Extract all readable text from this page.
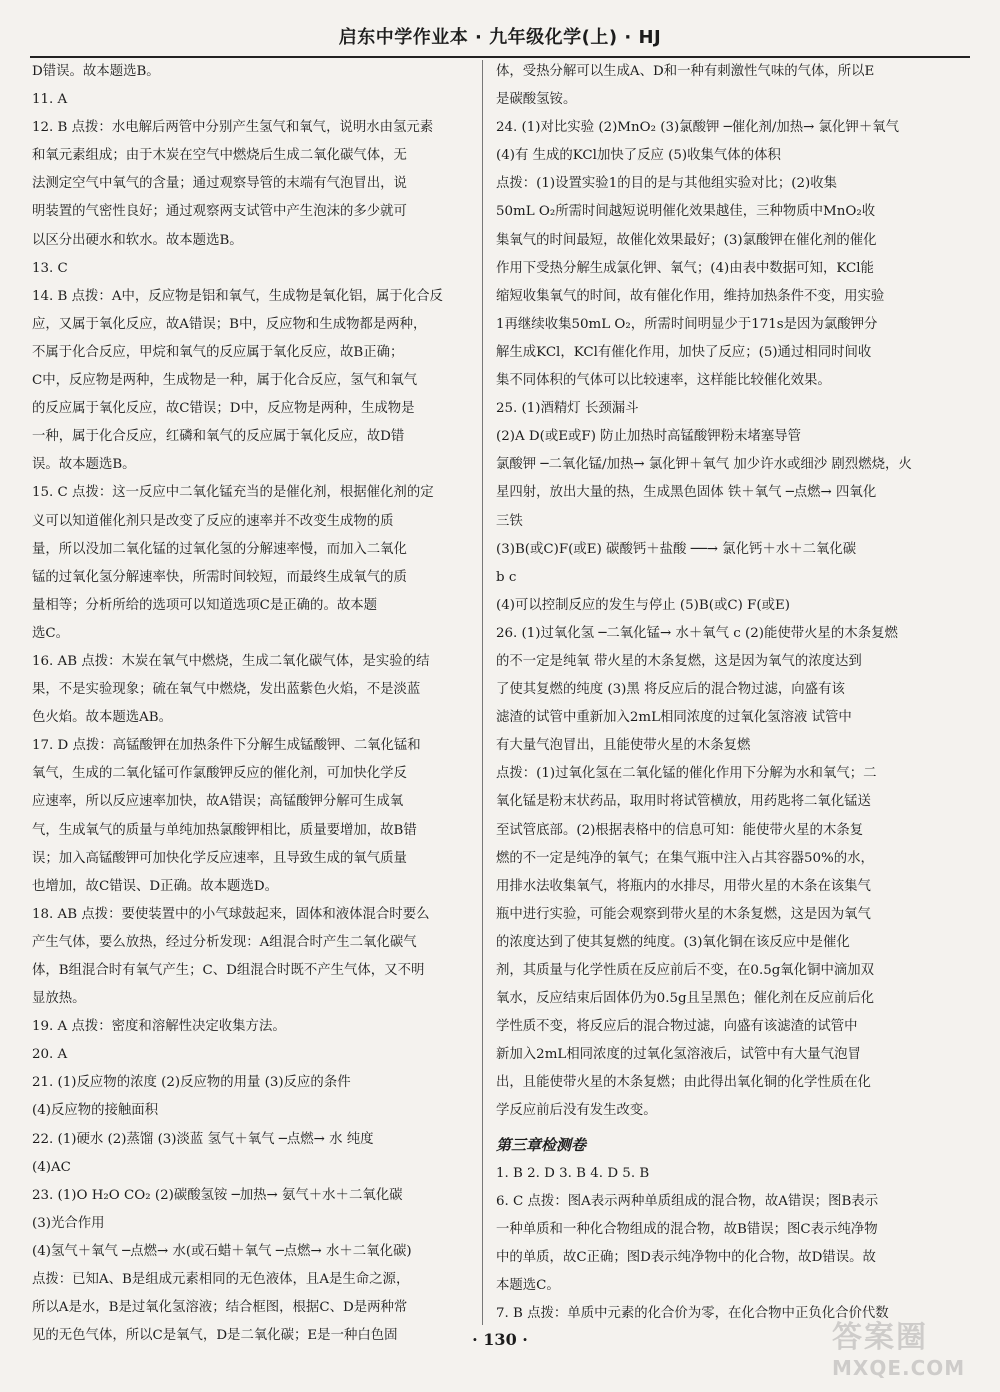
启东中学作业本 · 九年级化学(上) · HJ
D错误。故本题选B。
11. A
12. B 点拨：水电解后两管中分别产生氢气和氧气，说明水由氢元素
和氧元素组成；由于木炭在空气中燃烧后生成二氧化碳气体，无
法测定空气中氧气的含量；通过观察导管的末端有气泡冒出，说
明装置的气密性良好；通过观察两支试管中产生泡沫的多少就可
以区分出硬水和软水。故本题选B。
13. C
14. B 点拨：A中，反应物是铝和氧气，生成物是氧化铝，属于化合反
应，又属于氧化反应，故A错误；B中，反应物和生成物都是两种，
不属于化合反应，甲烷和氧气的反应属于氧化反应，故B正确；
C中，反应物是两种，生成物是一种，属于化合反应，氢气和氧气
的反应属于氧化反应，故C错误；D中，反应物是两种，生成物是
一种，属于化合反应，红磷和氧气的反应属于氧化反应，故D错
误。故本题选B。
15. C 点拨：这一反应中二氧化锰充当的是催化剂，根据催化剂的定
义可以知道催化剂只是改变了反应的速率并不改变生成物的质
量，所以没加二氧化锰的过氧化氢的分解速率慢，而加入二氧化
锰的过氧化氢分解速率快，所需时间较短，而最终生成氧气的质
量相等；分析所给的选项可以知道选项C是正确的。故本题
选C。
16. AB 点拨：木炭在氧气中燃烧，生成二氧化碳气体，是实验的结
果，不是实验现象；硫在氧气中燃烧，发出蓝紫色火焰，不是淡蓝
色火焰。故本题选AB。
17. D 点拨：高锰酸钾在加热条件下分解生成锰酸钾、二氧化锰和
氧气，生成的二氧化锰可作氯酸钾反应的催化剂，可加快化学反
应速率，所以反应速率加快，故A错误；高锰酸钾分解可生成氧
气，生成氧气的质量与单纯加热氯酸钾相比，质量要增加，故B错
误；加入高锰酸钾可加快化学反应速率，且导致生成的氧气质量
也增加，故C错误、D正确。故本题选D。
18. AB 点拨：要使装置中的小气球鼓起来，固体和液体混合时要么
产生气体，要么放热，经过分析发现：A组混合时产生二氧化碳气
体，B组混合时有氧气产生；C、D组混合时既不产生气体，又不明
显放热。
19. A 点拨：密度和溶解性决定收集方法。
20. A
21. (1)反应物的浓度 (2)反应物的用量 (3)反应的条件
(4)反应物的接触面积
22. (1)硬水 (2)蒸馏 (3)淡蓝 氢气＋氧气 ─点燃→ 水 纯度
(4)AC
23. (1)O H₂O CO₂ (2)碳酸氢铵 ─加热→ 氨气＋水＋二氧化碳
(3)光合作用
(4)氢气＋氧气 ─点燃→ 水(或石蜡＋氧气 ─点燃→ 水＋二氧化碳)
点拨：已知A、B是组成元素相同的无色液体，且A是生命之源，
所以A是水，B是过氧化氢溶液；结合框图，根据C、D是两种常
见的无色气体，所以C是氧气，D是二氧化碳；E是一种白色固
体，受热分解可以生成A、D和一种有刺激性气味的气体，所以E
是碳酸氢铵。
24. (1)对比实验 (2)MnO₂ (3)氯酸钾 ─催化剂/加热→ 氯化钾＋氧气
(4)有 生成的KCl加快了反应 (5)收集气体的体积
点拨：(1)设置实验1的目的是与其他组实验对比；(2)收集
50mL O₂所需时间越短说明催化效果越佳，三种物质中MnO₂收
集氧气的时间最短，故催化效果最好；(3)氯酸钾在催化剂的催化
作用下受热分解生成氯化钾、氧气；(4)由表中数据可知，KCl能
缩短收集氧气的时间，故有催化作用，维持加热条件不变，用实验
1再继续收集50mL O₂，所需时间明显少于171s是因为氯酸钾分
解生成KCl，KCl有催化作用，加快了反应；(5)通过相同时间收
集不同体积的气体可以比较速率，这样能比较催化效果。
25. (1)酒精灯 长颈漏斗
(2)A D(或E或F) 防止加热时高锰酸钾粉末堵塞导管
氯酸钾 ─二氧化锰/加热→ 氯化钾＋氧气 加少许水或细沙 剧烈燃烧，火
星四射，放出大量的热，生成黑色固体 铁＋氧气 ─点燃→ 四氧化
三铁
(3)B(或C)F(或E) 碳酸钙＋盐酸 ──→ 氯化钙＋水＋二氧化碳
b c
(4)可以控制反应的发生与停止 (5)B(或C) F(或E)
26. (1)过氧化氢 ─二氧化锰→ 水＋氧气 c (2)能使带火星的木条复燃
的不一定是纯氧 带火星的木条复燃，这是因为氧气的浓度达到
了使其复燃的纯度 (3)黑 将反应后的混合物过滤，向盛有该
滤渣的试管中重新加入2mL相同浓度的过氧化氢溶液 试管中
有大量气泡冒出，且能使带火星的木条复燃
点拨：(1)过氧化氢在二氧化锰的催化作用下分解为水和氧气；二
氧化锰是粉末状药品，取用时将试管横放，用药匙将二氧化锰送
至试管底部。(2)根据表格中的信息可知：能使带火星的木条复
燃的不一定是纯净的氧气；在集气瓶中注入占其容器50%的水，
用排水法收集氧气，将瓶内的水排尽，用带火星的木条在该集气
瓶中进行实验，可能会观察到带火星的木条复燃，这是因为氧气
的浓度达到了使其复燃的纯度。(3)氧化铜在该反应中是催化
剂，其质量与化学性质在反应前后不变，在0.5g氧化铜中滴加双
氧水，反应结束后固体仍为0.5g且呈黑色；催化剂在反应前后化
学性质不变，将反应后的混合物过滤，向盛有该滤渣的试管中
新加入2mL相同浓度的过氧化氢溶液后，试管中有大量气泡冒
出，且能使带火星的木条复燃；由此得出氧化铜的化学性质在化
学反应前后没有发生改变。
第三章检测卷
1. B 2. D 3. B 4. D 5. B
6. C 点拨：图A表示两种单质组成的混合物，故A错误；图B表示
一种单质和一种化合物组成的混合物，故B错误；图C表示纯净物
中的单质，故C正确；图D表示纯净物中的化合物，故D错误。故
本题选C。
7. B 点拨：单质中元素的化合价为零，在化合物中正负化合价代数
· 130 ·	答案圈
MXQE.COM
